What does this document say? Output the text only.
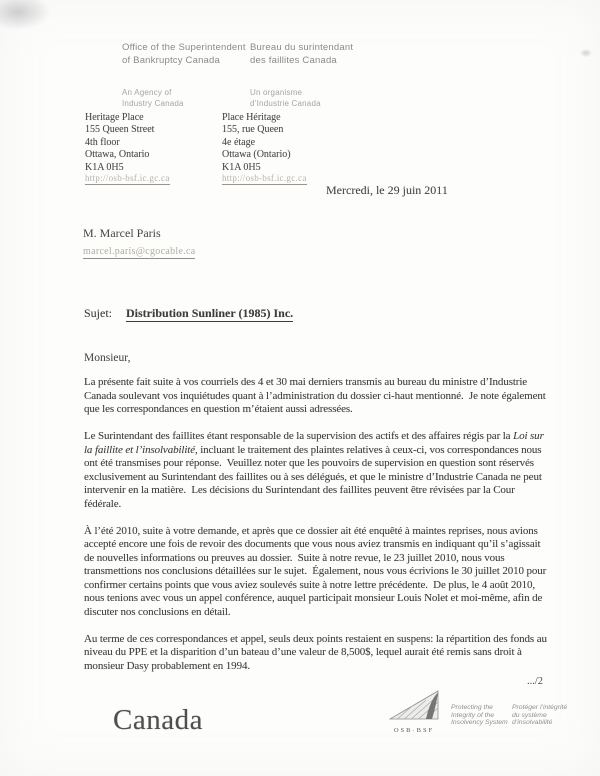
Office of the Superintendent
of Bankruptcy Canada
Bureau du surintendant
des faillites Canada
An Agency of
Industry Canada
Un organisme
d’Industrie Canada
Heritage Place
155 Queen Street
4th floor
Ottawa, Ontario
K1A 0H5
Place Héritage
155, rue Queen
4e étage
Ottawa (Ontario)
K1A 0H5
http://osb-bsf.ic.gc.ca	http://osb-bsf.ic.gc.ca
Mercredi, le 29 juin 2011
M. Marcel Paris
marcel.paris@cgocable.ca
Sujet: Distribution Sunliner (1985) Inc.
Monsieur,

La présente fait suite à vos courriels des 4 et 30 mai derniers transmis au bureau du ministre d’Industrie Canada soulevant vos inquiétudes quant à l’administration du dossier ci-haut mentionné.  Je note également que les correspondances en question m’étaient aussi adressées.

Le Surintendant des faillites étant responsable de la supervision des actifs et des affaires régis par la Loi sur la faillite et l’insolvabilité, incluant le traitement des plaintes relatives à ceux-ci, vos correspondances nous ont été transmises pour réponse.  Veuillez noter que les pouvoirs de supervision en question sont réservés exclusivement au Surintendant des faillites ou à ses délégués, et que le ministre d’Industrie Canada ne peut intervenir en la matière.  Les décisions du Surintendant des faillites peuvent être révisées par la Cour fédérale.

À l’été 2010, suite à votre demande, et après que ce dossier ait été enquêté à maintes reprises, nous avions accepté encore une fois de revoir des documents que vous nous aviez transmis en indiquant qu’il s’agissait de nouvelles informations ou preuves au dossier.  Suite à notre revue, le 23 juillet 2010, nous vous transmettions nos conclusions détaillées sur le sujet.  Également, nous vous écrivions le 30 juillet 2010 pour confirmer certains points que vous aviez soulevés suite à notre lettre précédente.  De plus, le 4 août 2010, nous tenions avec vous un appel conférence, auquel participait monsieur Louis Nolet et moi-même, afin de discuter nos conclusions en détail.

Au terme de ces correspondances et appel, seuls deux points restaient en suspens: la répartition des fonds au niveau du PPE et la disparition d’un bateau d’une valeur de 8,500$, lequel aurait été remis sans droit à monsieur Dasy probablement en 1994.

.../2
Canada	OSB·BSF
Protecting the
Integrity of the
Insolvency System
Protéger l’intégrité
du système
d’insolvabilité
